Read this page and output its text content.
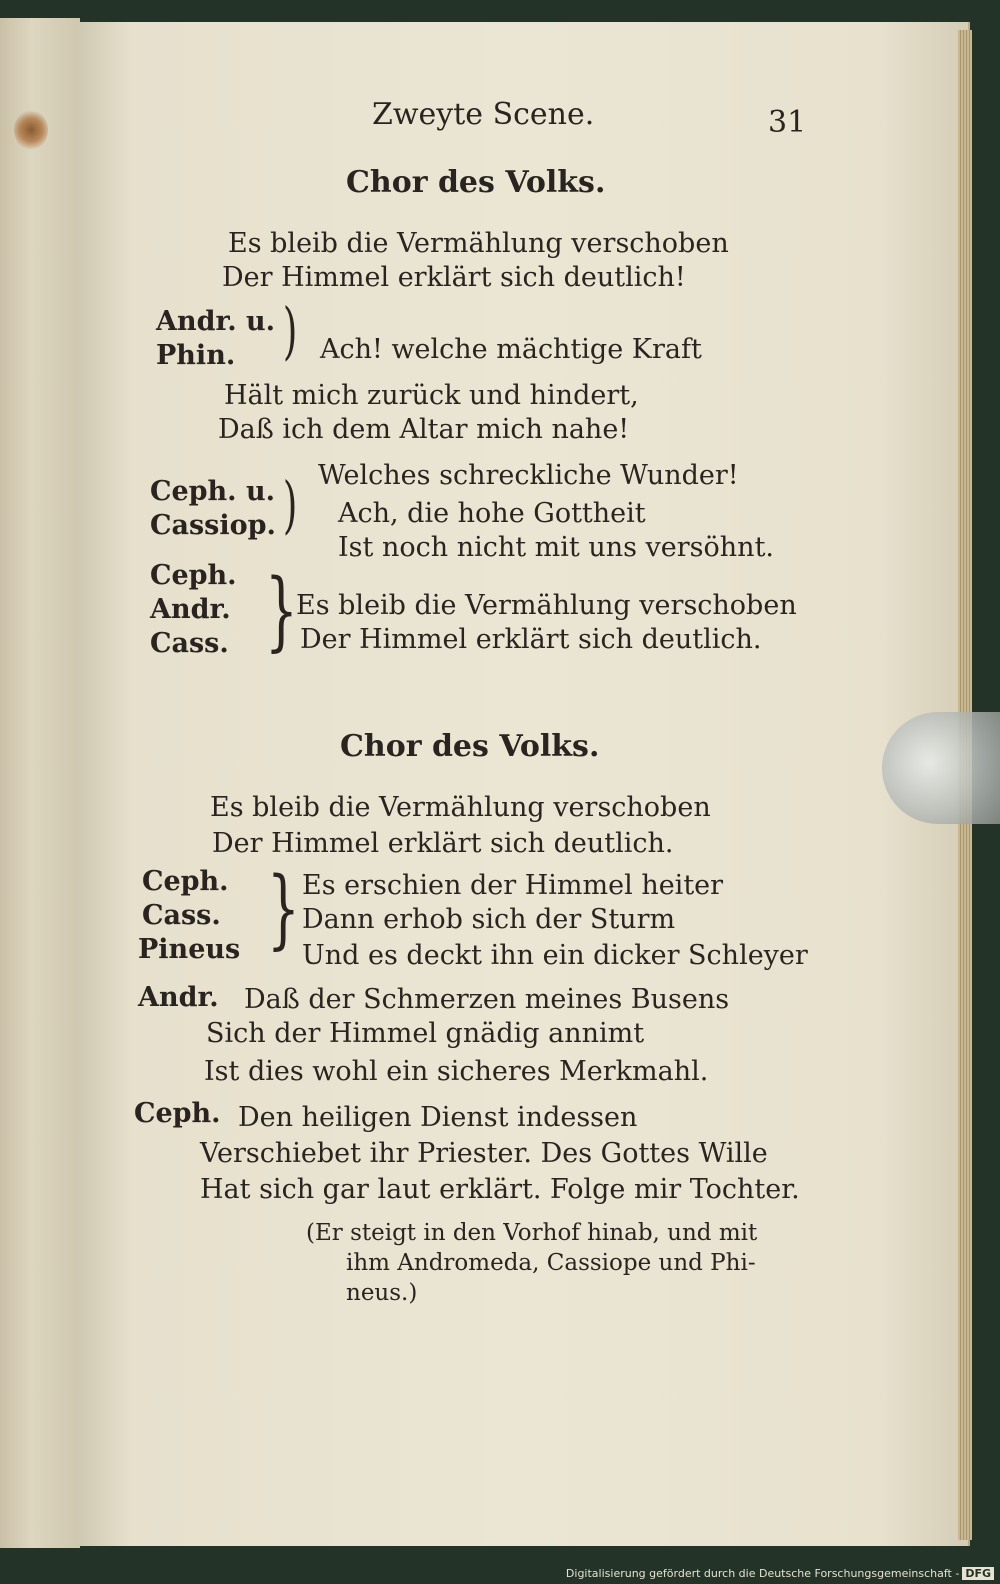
Zweyte Scene.	31
Chor des Volks.
Es bleib die Vermählung verschoben
Der Himmel erklärt sich deutlich!
Andr. u.
Phin. ) Ach! welche mächtige Kraft
Hält mich zurück und hindert,
Daß ich dem Altar mich nahe!
Ceph. u.
Cassiop. ) Welches schreckliche Wunder!
Ach, die hohe Gottheit
Ist noch nicht mit uns versöhnt.
Ceph.
Andr.
Cass. }
Es bleib die Vermählung verschoben
Der Himmel erklärt sich deutlich.
Chor des Volks.
Es bleib die Vermählung verschoben
Der Himmel erklärt sich deutlich.
Ceph.
Cass.
Pineus } Es erschien der Himmel heiter
Dann erhob sich der Sturm
Und es deckt ihn ein dicker Schleyer
Andr. Daß der Schmerzen meines Busens
Sich der Himmel gnädig annimt
Ist dies wohl ein sicheres Merkmahl.
Ceph. Den heiligen Dienst indessen
Verschiebet ihr Priester. Des Gottes Wille
Hat sich gar laut erklärt. Folge mir Tochter.
(Er steigt in den Vorhof hinab, und mit
ihm Andromeda, Cassiope und Phi-
neus.)
Digitalisierung gefördert durch die Deutsche Forschungsgemeinschaft - DFG
